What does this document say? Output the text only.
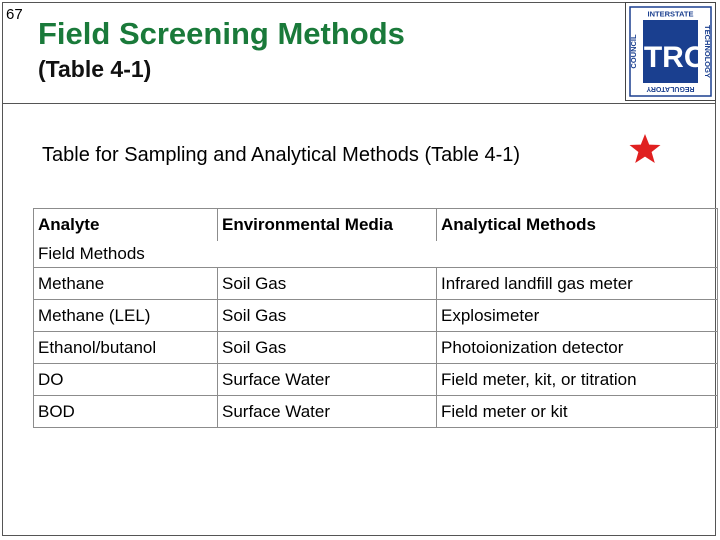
67
Field Screening Methods
(Table 4-1)	ITRC
INTERSTATE
TECHNOLOGY
REGULATORY
COUNCIL
Table for Sampling and Analytical Methods (Table 4-1)
Analyte	Environmental Media	Analytical Methods
Field Methods		
Methane	Soil Gas	Infrared landfill gas meter
Methane (LEL)	Soil Gas	Explosimeter
Ethanol/butanol	Soil Gas	Photoionization detector
DO	Surface Water	Field meter, kit, or titration
BOD	Surface Water	Field meter or kit
